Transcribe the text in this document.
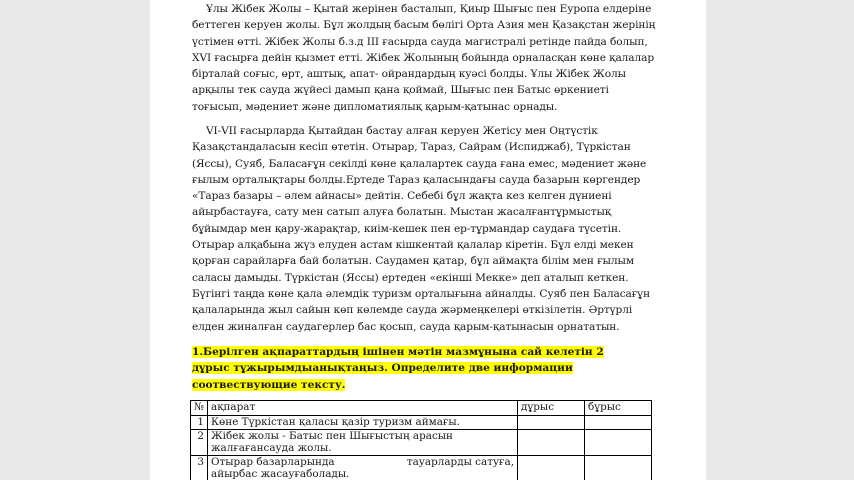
Ұлы Жібек Жолы – Қытай жерінен басталып, Қиыр Шығыс пен Еуропа елдеріне беттеген керуен жолы. Бұл жолдың басым бөлігі Орта Азия мен Қазақстан жерінің үстімен өтті. Жібек Жолы б.з.д ІІІ ғасырда сауда магистралі ретінде пайда болып, ХVІ ғасырға дейін қызмет етті. Жібек Жолының бойында орналасқан көне қалалар бірталай соғыс, өрт, аштық, апат- ойрандардың куәсі болды. Ұлы Жібек Жолы арқылы тек сауда жүйесі дамып қана қоймай, Шығыс пен Батыс өркениеті тоғысып, мәдениет және дипломатиялық қарым-қатынас орнады.

VІ-VІІ ғасырларда Қытайдан бастау алған керуен Жетісу мен Оңтүстік Қазақстандаласын кесіп өтетін. Отырар, Тараз, Сайрам (Испиджаб), Түркістан (Яссы), Суяб, Баласағұн секілді көне қалалартек сауда ғана емес, мәдениет және ғылым орталықтары болды.Ертеде Тараз қаласындағы сауда базарын көргендер «Тараз базары – әлем айнасы» дейтін. Себебі бұл жақта кез келген дүниені айырбастауға, сату мен сатып алуға болатын. Мыстан жасалғантұрмыстық бұйымдар мен қару-жарақтар, киім-кешек пен ер-тұрмандар саудаға түсетін. Отырар алқабына жүз елуден астам кішкентай қалалар кіретін. Бұл елді мекен қорған сарайларға бай болатын. Саудамен қатар, бұл аймақта білім мен ғылым саласы дамыды. Түркістан (Яссы) ертеден «екінші Мекке» деп аталып кеткен. Бүгінгі таңда көне қала әлемдік туризм орталығына айналды. Суяб пен Баласағұн қалаларында жыл сайын көп көлемде сауда жәрмеңкелері өткізілетін. Әртүрлі елден жиналған саудагерлер бас қосып, сауда қарым-қатынасын орнататын.

1.Берілген ақпараттардың ішінен мәтін мазмұнына сай келетін 2 дұрыс тұжырымдыанықтаңыз. Определите две информации соотвествующие тексту.

№	ақпарат	дұрыс	бұрыс
1	Көне Түркістан қаласы қазір туризм аймағы.		
2	Жібек жолы - Батыс пен Шығыстың арасын жалғағансауда жолы.		
3	Отырар базарларында тауарларды сатуға,
айырбас жасауғаболады.		
